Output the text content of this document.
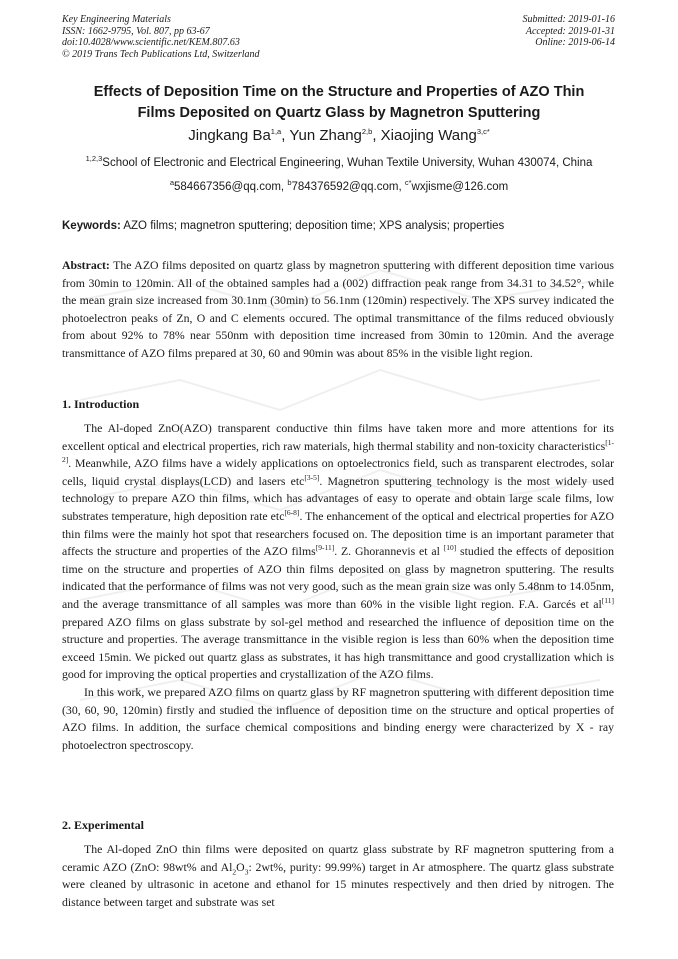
Key Engineering Materials
ISSN: 1662-9795, Vol. 807, pp 63-67
doi:10.4028/www.scientific.net/KEM.807.63
© 2019 Trans Tech Publications Ltd, Switzerland
Submitted: 2019-01-16
Accepted: 2019-01-31
Online: 2019-06-14
Effects of Deposition Time on the Structure and Properties of AZO Thin
Films Deposited on Quartz Glass by Magnetron Sputtering
Jingkang Ba$^{1,a}$, Yun Zhang$^{2,b}$, Xiaojing Wang$^{3,c*}$
$^{1,2,3}$School of Electronic and Electrical Engineering, Wuhan Textile University, Wuhan 430074, China
$^a$584667356@qq.com, $^b$784376592@qq.com, $^{c*}$wxjisme@126.com
Keywords: AZO films; magnetron sputtering; deposition time; XPS analysis; properties
Abstract: The AZO films deposited on quartz glass by magnetron sputtering with different deposition time various from 30min to 120min. All of the obtained samples had a (002) diffraction peak range from 34.31 to 34.52°, while the mean grain size increased from 30.1nm (30min) to 56.1nm (120min) respectively. The XPS survey indicated the photoelectron peaks of Zn, O and C elements occured. The optimal transmittance of the films reduced obviously from about 92% to 78% near 550nm with deposition time increased from 30min to 120min. And the average transmittance of AZO films prepared at 30, 60 and 90min was about 85% in the visible light region.
1. Introduction

The Al-doped ZnO(AZO) transparent conductive thin films have taken more and more attentions for its excellent optical and electrical properties, rich raw materials, high thermal stability and non-toxicity characteristics[1-2]. Meanwhile, AZO films have a widely applications on optoelectronics field, such as transparent electrodes, solar cells, liquid crystal displays(LCD) and lasers etc[3-5]. Magnetron sputtering technology is the most widely used technology to prepare AZO thin films, which has advantages of easy to operate and obtain large scale films, low substrates temperature, high deposition rate etc[6-8]. The enhancement of the optical and electrical properties for AZO thin films were the mainly hot spot that researchers focused on. The deposition time is an important parameter that affects the structure and properties of the AZO films[9-11]. Z. Ghorannevis et al [10] studied the effects of deposition time on the structure and properties of AZO thin films deposited on glass by magnetron sputtering. The results indicated that the performance of films was not very good, such as the mean grain size was only 5.48nm to 14.05nm, and the average transmittance of all samples was more than 60% in the visible light region. F.A. Garcés et al[11] prepared AZO films on glass substrate by sol-gel method and researched the influence of deposition time on the structure and properties. The average transmittance in the visible region is less than 60% when the deposition time exceed 15min. We picked out quartz glass as substrates, it has high transmittance and good crystallization which is good for improving the optical properties and crystallization of the AZO films.

In this work, we prepared AZO films on quartz glass by RF magnetron sputtering with different deposition time (30, 60, 90, 120min) firstly and studied the influence of deposition time on the structure and optical properties of AZO films. In addition, the surface chemical compositions and binding energy were characterized by X - ray photoelectron spectroscopy.

2. Experimental

The Al-doped ZnO thin films were deposited on quartz glass substrate by RF magnetron sputtering from a ceramic AZO (ZnO: 98wt% and $Al_2O_3$: 2wt%, purity: 99.99%) target in Ar atmosphere. The quartz glass substrate were cleaned by ultrasonic in acetone and ethanol for 15 minutes respectively and then dried by nitrogen. The distance between target and substrate was set
